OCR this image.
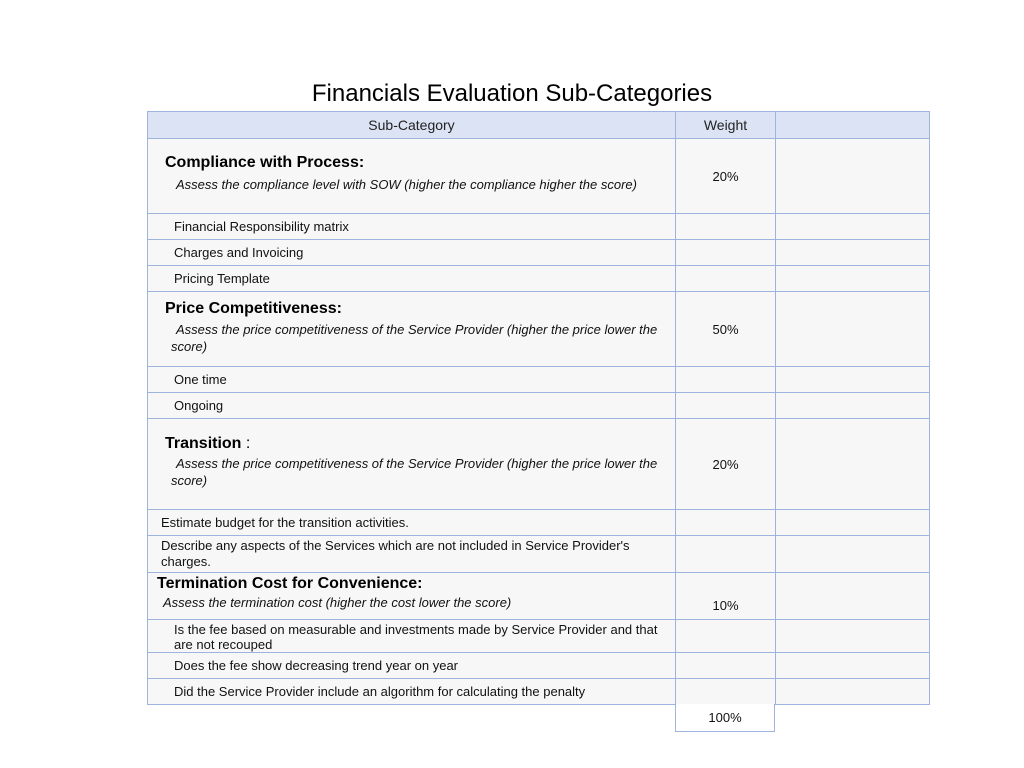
Financials Evaluation Sub-Categories
Sub-Category	Weight
Compliance with Process:
Assess the compliance level with SOW (higher the compliance higher the score)
20%
Financial Responsibility matrix
Charges and Invoicing
Pricing Template
Price Competitiveness:
Assess the price competitiveness of the Service Provider (higher the price lower the score)
50%
One time
Ongoing
Transition :
Assess the price competitiveness of the Service Provider (higher the price lower the score)
20%
Estimate budget for the transition activities.
Describe any aspects of the Services which are not included in Service Provider's charges.
Termination Cost for Convenience:
Assess the termination cost (higher the cost lower the score)	10%
Is the fee based on measurable and investments made by Service Provider and that are not recouped
Does the fee show decreasing trend year on year
Did the Service Provider include an algorithm for calculating the penalty
100%
